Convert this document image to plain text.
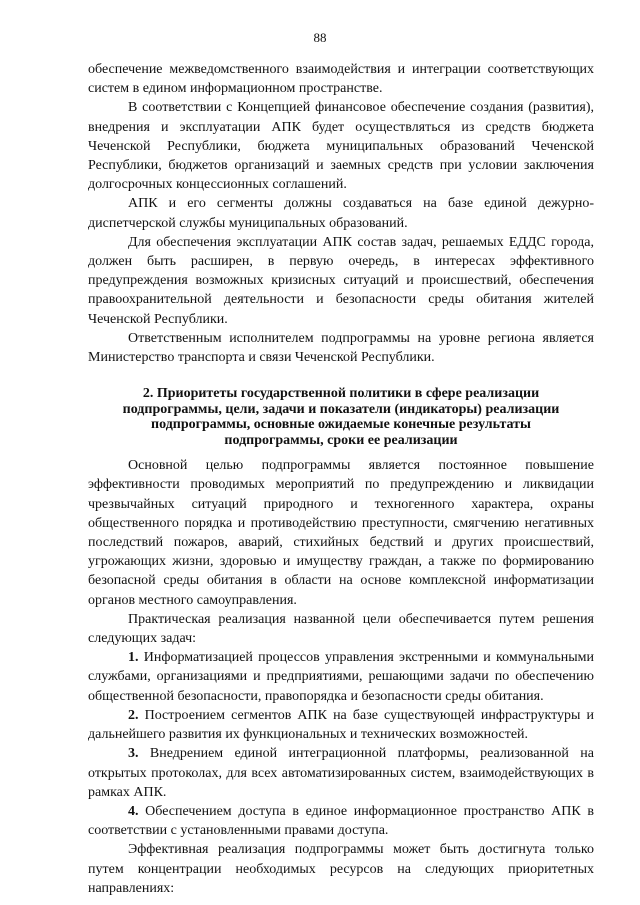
88

обеспечение межведомственного взаимодействия и интеграции соответствующих систем в едином информационном пространстве.

В соответствии с Концепцией финансовое обеспечение создания (развития), внедрения и эксплуатации АПК будет осуществляться из средств бюджета Чеченской Республики, бюджета муниципальных образований Чеченской Республики, бюджетов организаций и заемных средств при условии заключения долгосрочных концессионных соглашений.

АПК и его сегменты должны создаваться на базе единой дежурно-диспетчерской службы муниципальных образований.

Для обеспечения эксплуатации АПК состав задач, решаемых ЕДДС города, должен быть расширен, в первую очередь, в интересах эффективного предупреждения возможных кризисных ситуаций и происшествий, обеспечения правоохранительной деятельности и безопасности среды обитания жителей Чеченской Республики.

Ответственным исполнителем подпрограммы на уровне региона является Министерство транспорта и связи Чеченской Республики.

2. Приоритеты государственной политики в сфере реализации
подпрограммы, цели, задачи и показатели (индикаторы) реализации
подпрограммы, основные ожидаемые конечные результаты
подпрограммы, сроки ее реализации

Основной целью подпрограммы является постоянное повышение эффективности проводимых мероприятий по предупреждению и ликвидации чрезвычайных ситуаций природного и техногенного характера, охраны общественного порядка и противодействию преступности, смягчению негативных последствий пожаров, аварий, стихийных бедствий и других происшествий, угрожающих жизни, здоровью и имуществу граждан, а также по формированию безопасной среды обитания в области на основе комплексной информатизации органов местного самоуправления.

Практическая реализация названной цели обеспечивается путем решения следующих задач:

1. Информатизацией процессов управления экстренными и коммунальными службами, организациями и предприятиями, решающими задачи по обеспечению общественной безопасности, правопорядка и безопасности среды обитания.

2. Построением сегментов АПК на базе существующей инфраструктуры и дальнейшего развития их функциональных и технических возможностей.

3. Внедрением единой интеграционной платформы, реализованной на открытых протоколах, для всех автоматизированных систем, взаимодействующих в рамках АПК.

4. Обеспечением доступа в единое информационное пространство АПК в соответствии с установленными правами доступа.

Эффективная реализация подпрограммы может быть достигнута только путем концентрации необходимых ресурсов на следующих приоритетных направлениях:
